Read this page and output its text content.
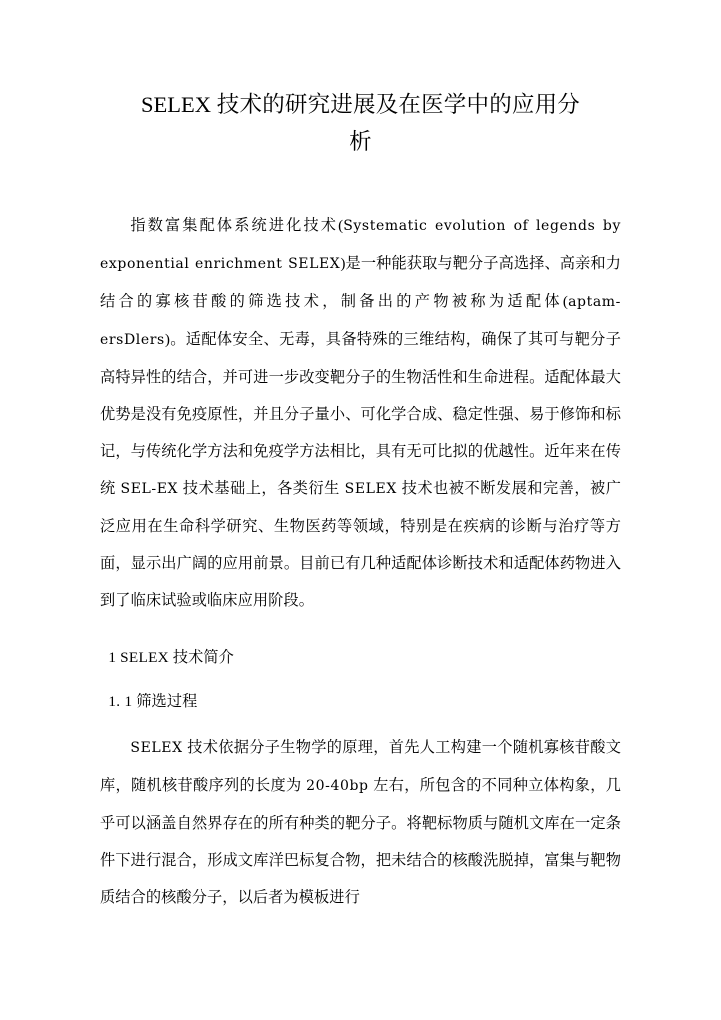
SELEX 技术的研究进展及在医学中的应用分
析

指数富集配体系统进化技术(Systematic evolution of legends by exponential enrichment SELEX)是一种能获取与靶分子高选择、高亲和力结合的寡核苷酸的筛选技术，制备出的产物被称为适配体(aptam-ersDlers)。适配体安全、无毒，具备特殊的三维结构，确保了其可与靶分子高特异性的结合，并可进一步改变靶分子的生物活性和生命进程。适配体最大优势是没有免疫原性，并且分子量小、可化学合成、稳定性强、易于修饰和标记，与传统化学方法和免疫学方法相比，具有无可比拟的优越性。近年来在传统 SEL-EX 技术基础上，各类衍生 SELEX 技术也被不断发展和完善，被广泛应用在生命科学研究、生物医药等领域，特别是在疾病的诊断与治疗等方面，显示出广阔的应用前景。目前已有几种适配体诊断技术和适配体药物进入到了临床试验或临床应用阶段。

1 SELEX 技术简介
1. 1 筛选过程

SELEX 技术依据分子生物学的原理，首先人工构建一个随机寡核苷酸文库，随机核苷酸序列的长度为 20-40bp 左右，所包含的不同种立体构象，几乎可以涵盖自然界存在的所有种类的靶分子。将靶标物质与随机文库在一定条件下进行混合，形成文库洋巴标复合物，把未结合的核酸洗脱掉，富集与靶物质结合的核酸分子，以后者为模板进行
